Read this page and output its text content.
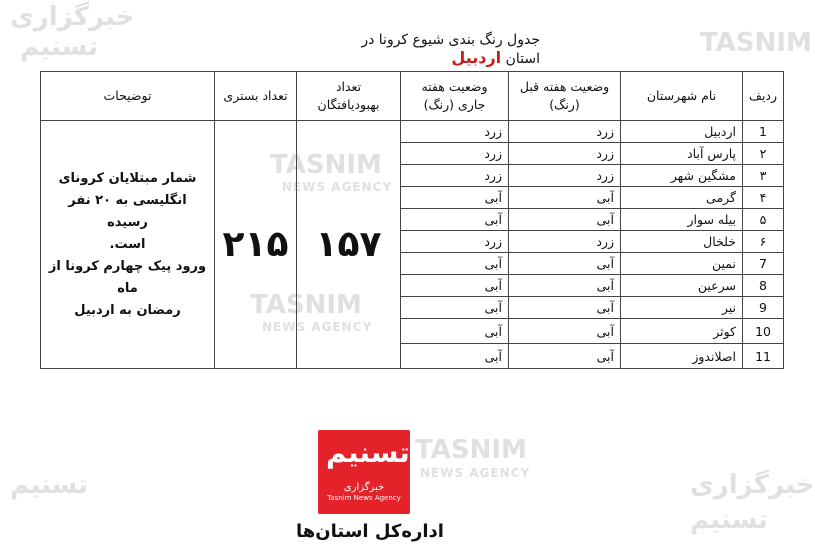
خبرگزاری
تسنیم	TASNIM
TASNIM
NEWS AGENCY
TASNIM
NEWS AGENCY
TASNIM
NEWS AGENCY	خبرگزاری
تسنیم
تسنیم
جدول رنگ بندی شیوع کرونا در استان اردبیل
ردیف	نام شهرستان	وضعیت هفته قبل (رنگ)	وضعیت هفته جاری (رنگ)	تعداد بهبودیافتگان	تعداد بستری	توضیحات
1	اردبیل	زرد	زرد	۱۵۷	۲۱۵	شمار مبتلایان کرونای
انگلیسی به ۲۰ نفر رسیده
است.
ورود پیک چهارم کرونا از ماه
رمضان به اردبیل

۲	پارس آباد	زرد	زرد			
۳	مشگین شهر	زرد	زرد			
۴	گرمی	آبی	آبی			
۵	بیله سوار	آبی	آبی			
۶	خلخال	زرد	زرد			
7	نمین	آبی	آبی			
8	سرعین	آبی	آبی			
9	نیر	آبی	آبی			
10	کوثر	آبی	آبی			
11	اصلاندوز	آبی	آبی			
تسنیم
خبرگزاری
Tasnim News Agency
اداره‌کل استان‌ها
